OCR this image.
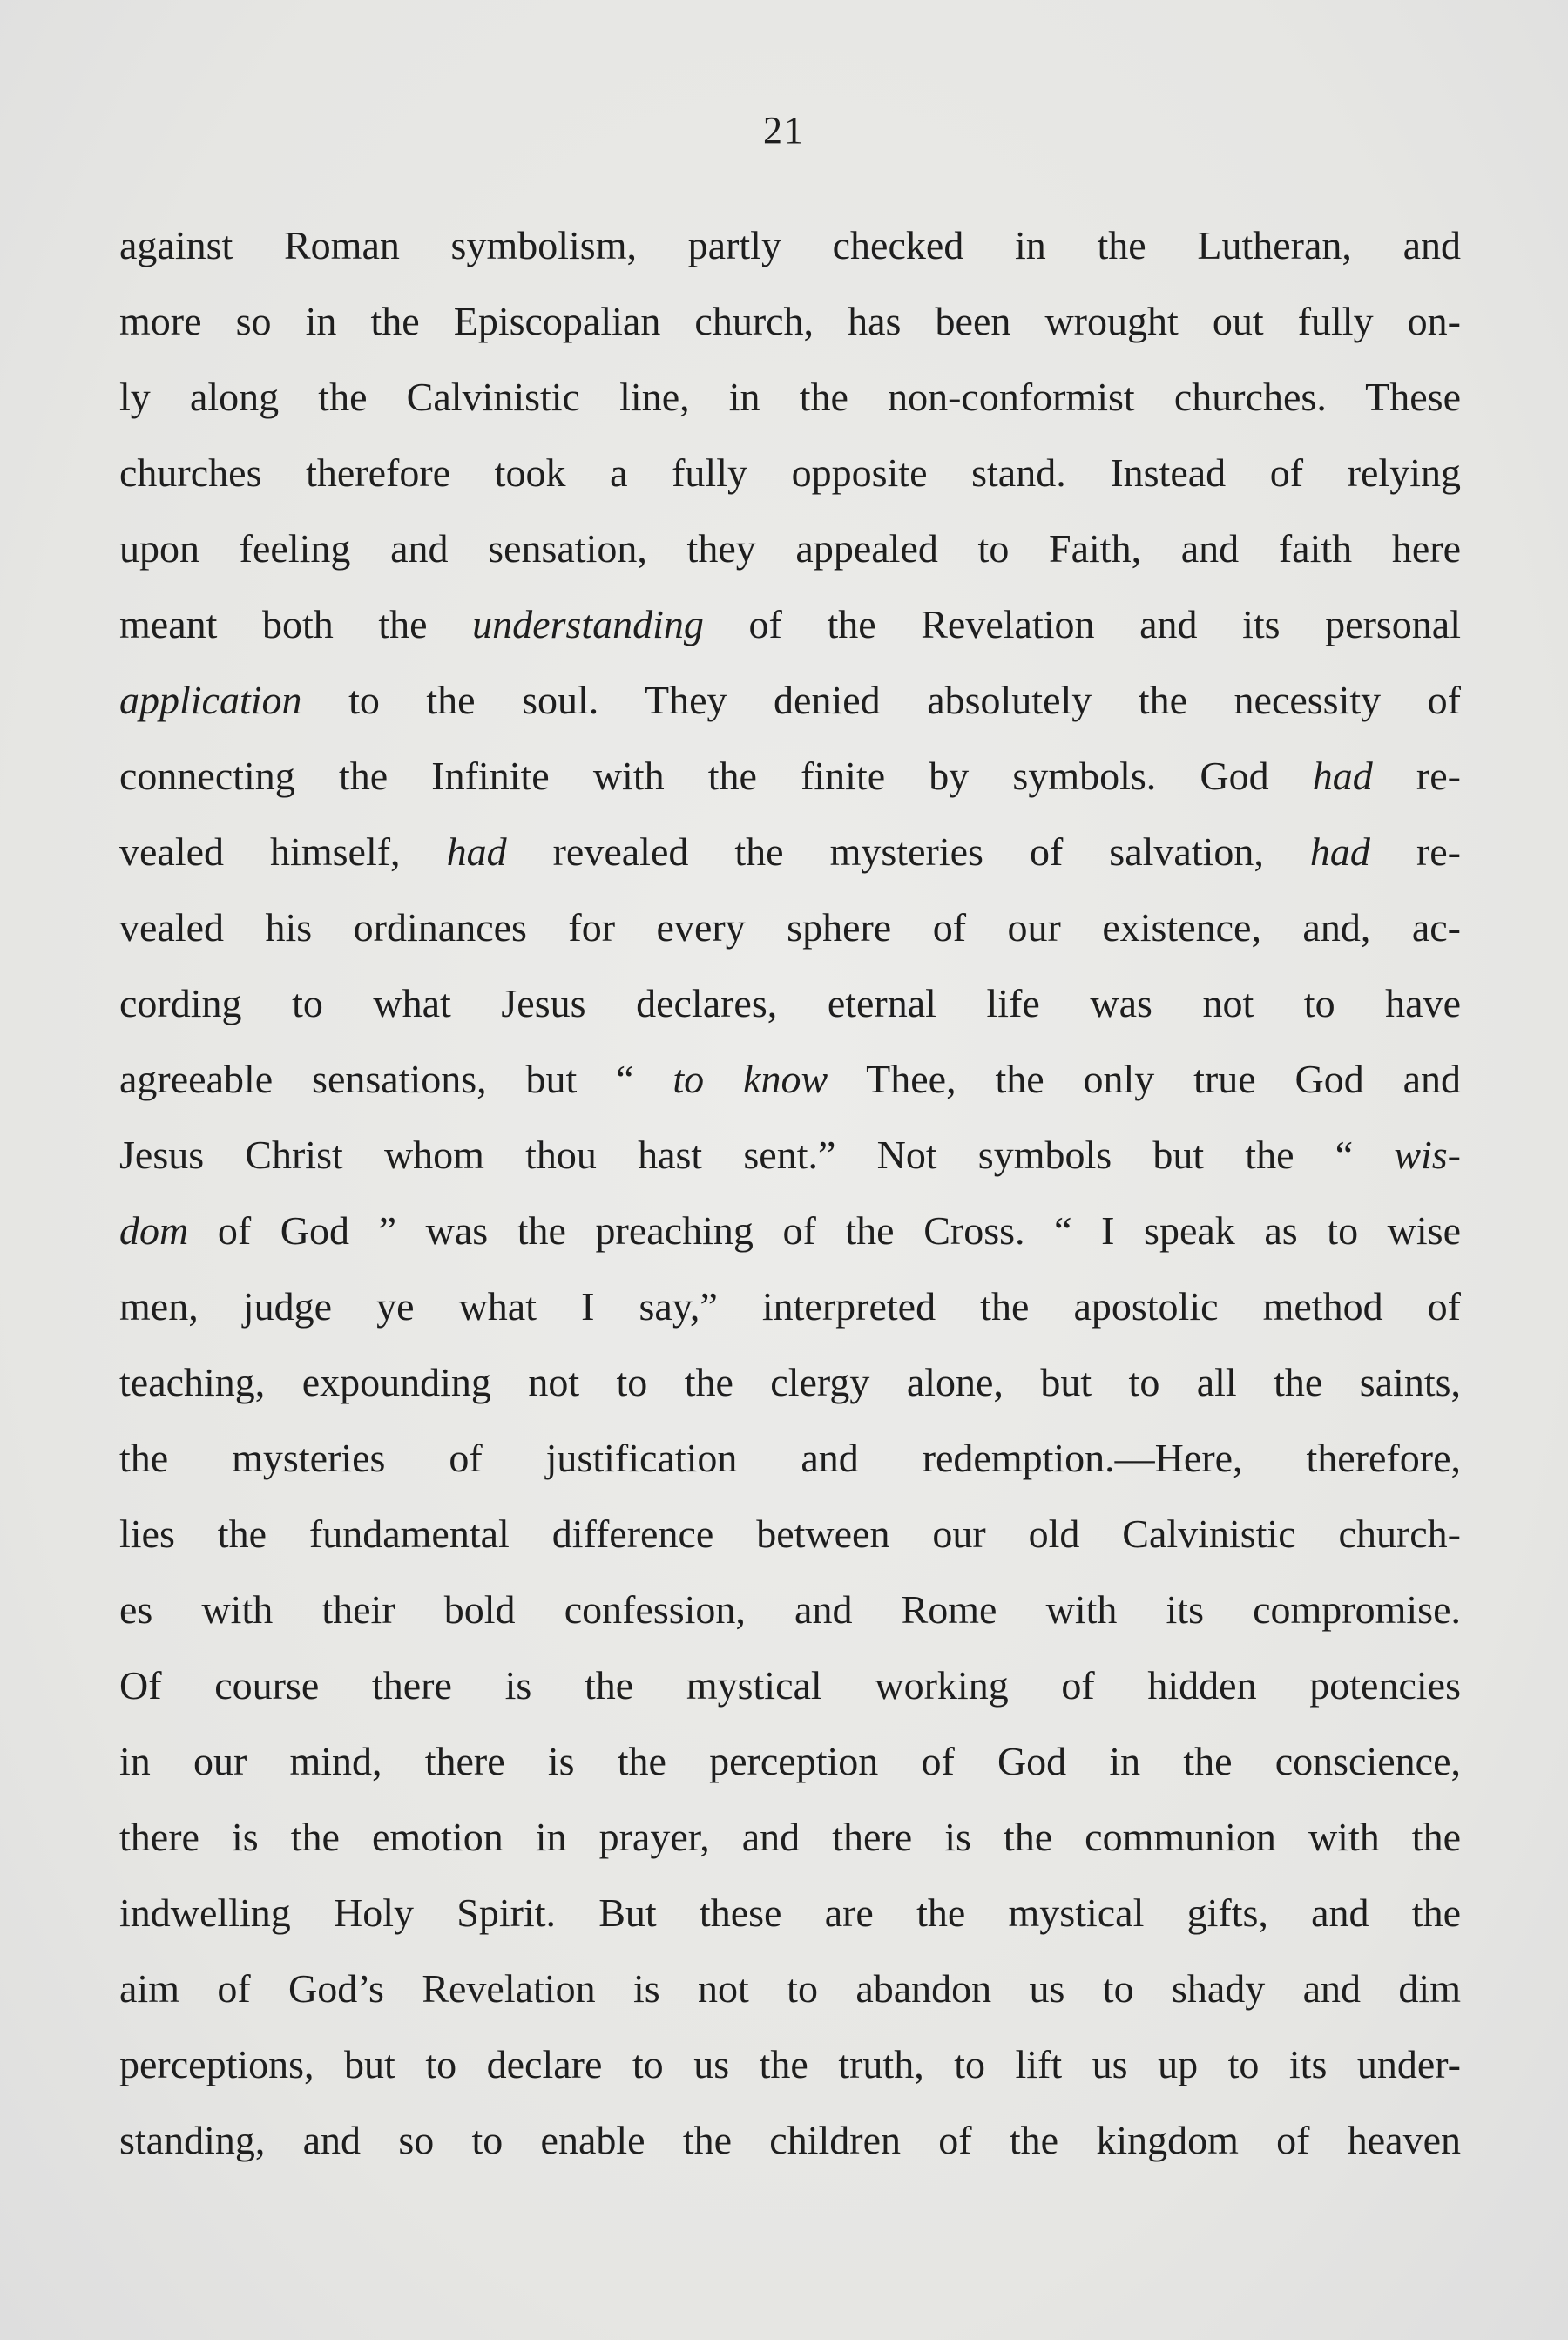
21
against Roman symbolism, partly checked in the Lutheran, and
more so in the Episcopalian church, has been wrought out fully on-
ly along the Calvinistic line, in the non-conformist churches. These
churches therefore took a fully opposite stand. Instead of relying
upon feeling and sensation, they appealed to Faith, and faith here
meant both the understanding of the Revelation and its personal
application to the soul. They denied absolutely the necessity of
connecting the Infinite with the finite by symbols. God had re-
vealed himself, had revealed the mysteries of salvation, had re-
vealed his ordinances for every sphere of our existence, and, ac-
cording to what Jesus declares, eternal life was not to have
agreeable sensations, but “ to know Thee, the only true God and
Jesus Christ whom thou hast sent.” Not symbols but the “ wis-
dom of God ” was the preaching of the Cross. “ I speak as to wise
men, judge ye what I say,” interpreted the apostolic method of
teaching, expounding not to the clergy alone, but to all the saints,
the mysteries of justification and redemption.—Here, therefore,
lies the fundamental difference between our old Calvinistic church-
es with their bold confession, and Rome with its compromise.
Of course there is the mystical working of hidden potencies
in our mind, there is the perception of God in the conscience,
there is the emotion in prayer, and there is the communion with the
indwelling Holy Spirit. But these are the mystical gifts, and the
aim of God’s Revelation is not to abandon us to shady and dim
perceptions, but to declare to us the truth, to lift us up to its under-
standing, and so to enable the children of the kingdom of heaven
